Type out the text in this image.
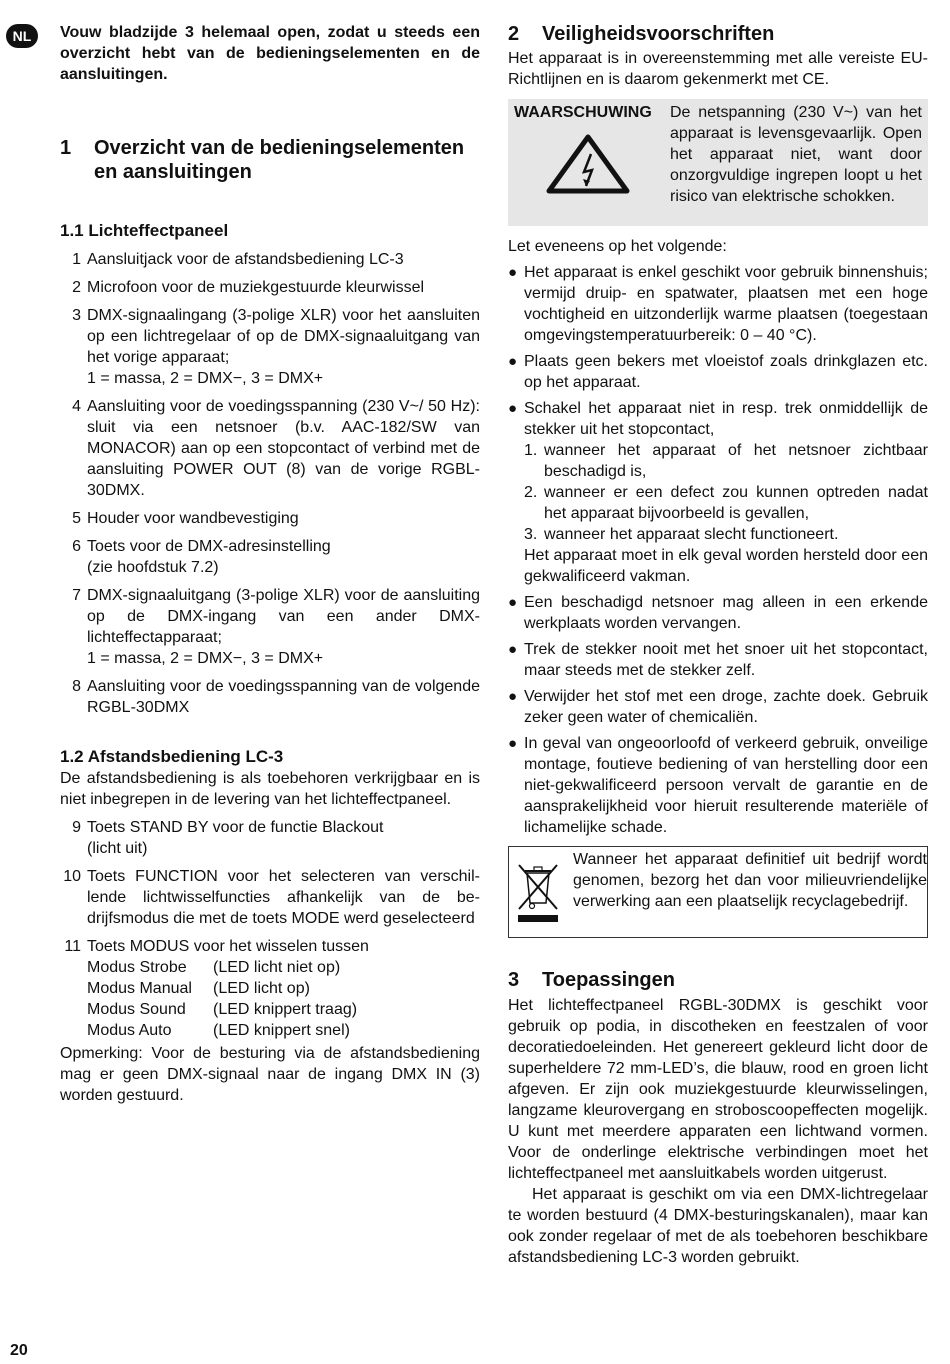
NL	Vouw bladzijde 3 helemaal open, zodat u steeds een overzicht hebt van de bedieningselementen en de aansluitingen.

1	Overzicht van de bedieningselementen en aansluitingen
1.1 Lichteffectpaneel
1 Aansluitjack voor de afstandsbediening LC-3
2 Microfoon voor de muziekgestuurde kleurwissel
3 DMX-signaalingang (3-polige XLR) voor het aansluiten op een lichtregelaar of op de DMX-signaaluitgang van het vorige apparaat;
1 = massa, 2 = DMX−, 3 = DMX+
4 Aansluiting voor de voedingsspanning (230 V~/ 50 Hz): sluit via een netsnoer (b.v. AAC-182/SW van MONACOR) aan op een stopcontact of verbind met de aansluiting POWER OUT (8) van de vorige RGBL-30DMX.
5 Houder voor wandbevestiging
6 Toets voor de DMX-adresinstelling
(zie hoofdstuk 7.2)
7 DMX-signaaluitgang (3-polige XLR) voor de aansluiting op de DMX-ingang van een ander DMX-lichteffectapparaat;
1 = massa, 2 = DMX−, 3 = DMX+
8 Aansluiting voor de voedingsspanning van de volgende RGBL-30DMX
1.2 Afstandsbediening LC-3

De afstandsbediening is als toebehoren verkrijgbaar en is niet inbegrepen in de levering van het lichteffectpaneel.

9 Toets STAND BY voor de functie Blackout
(licht uit)
10 Toets FUNCTION voor het selecteren van verschillende lichtwisselfuncties afhankelijk van de bedrijfsmodus die met de toets MODE werd geselecteerd
11 Toets MODUS voor het wisselen tussen
Modus Strobe	(LED licht niet op)
Modus Manual	(LED licht op)
Modus Sound	(LED knippert traag)
Modus Auto	(LED knippert snel)

Opmerking: Voor de besturing via de afstandsbediening mag er geen DMX-signaal naar de ingang DMX IN (3) worden gestuurd.

2	Veiligheidsvoorschriften

Het apparaat is in overeenstemming met alle vereiste EU-Richtlijnen en is daarom gekenmerkt met CE.

WAARSCHUWING De netspanning (230 V~) van het apparaat is levensgevaarlijk. Open het apparaat niet, want door onzorgvuldige ingrepen loopt u het risico van elektrische schokken.

Let eveneens op het volgende:

● Het apparaat is enkel geschikt voor gebruik binnenshuis; vermijd druip- en spatwater, plaatsen met een hoge vochtigheid en uitzonderlijk warme plaatsen (toegestaan omgevingstemperatuurbereik: 0 – 40 °C).
● Plaats geen bekers met vloeistof zoals drinkglazen etc. op het apparaat.
● Schakel het apparaat niet in resp. trek onmiddellijk de stekker uit het stopcontact,
1. wanneer het apparaat of het netsnoer zichtbaar beschadigd is,
2. wanneer er een defect zou kunnen optreden nadat het apparaat bijvoorbeeld is gevallen,
3. wanneer het apparaat slecht functioneert.

Het apparaat moet in elk geval worden hersteld door een gekwalificeerd vakman.

● Een beschadigd netsnoer mag alleen in een erkende werkplaats worden vervangen.
● Trek de stekker nooit met het snoer uit het stopcontact, maar steeds met de stekker zelf.
● Verwijder het stof met een droge, zachte doek. Gebruik zeker geen water of chemicaliën.
● In geval van ongeoorloofd of verkeerd gebruik, onveilige montage, foutieve bediening of van herstelling door een niet-gekwalificeerd persoon vervalt de garantie en de aansprakelijkheid voor hieruit resulterende materiële of lichamelijke schade.
Wanneer het apparaat definitief uit bedrijf wordt genomen, bezorg het dan voor milieuvriendelijke verwerking aan een plaatselijk recyclagebedrijf.
3	Toepassingen

Het lichteffectpaneel RGBL-30DMX is geschikt voor gebruik op podia, in discotheken en feestzalen of voor decoratiedoeleinden. Het genereert gekleurd licht door de superheldere 72 mm-LED’s, die blauw, rood en groen licht afgeven. Er zijn ook muziekgestuurde kleurwisselingen, langzame kleurovergang en stroboscoopeffecten mogelijk. U kunt met meerdere apparaten een lichtwand vormen. Voor de onderlinge elektrische verbindingen moet het lichteffectpaneel met aansluitkabels worden uitgerust.

Het apparaat is geschikt om via een DMX-lichtregelaar te worden bestuurd (4 DMX-besturingskanalen), maar kan ook zonder regelaar of met de als toebehoren beschikbare afstandsbediening LC-3 worden gebruikt.

20
